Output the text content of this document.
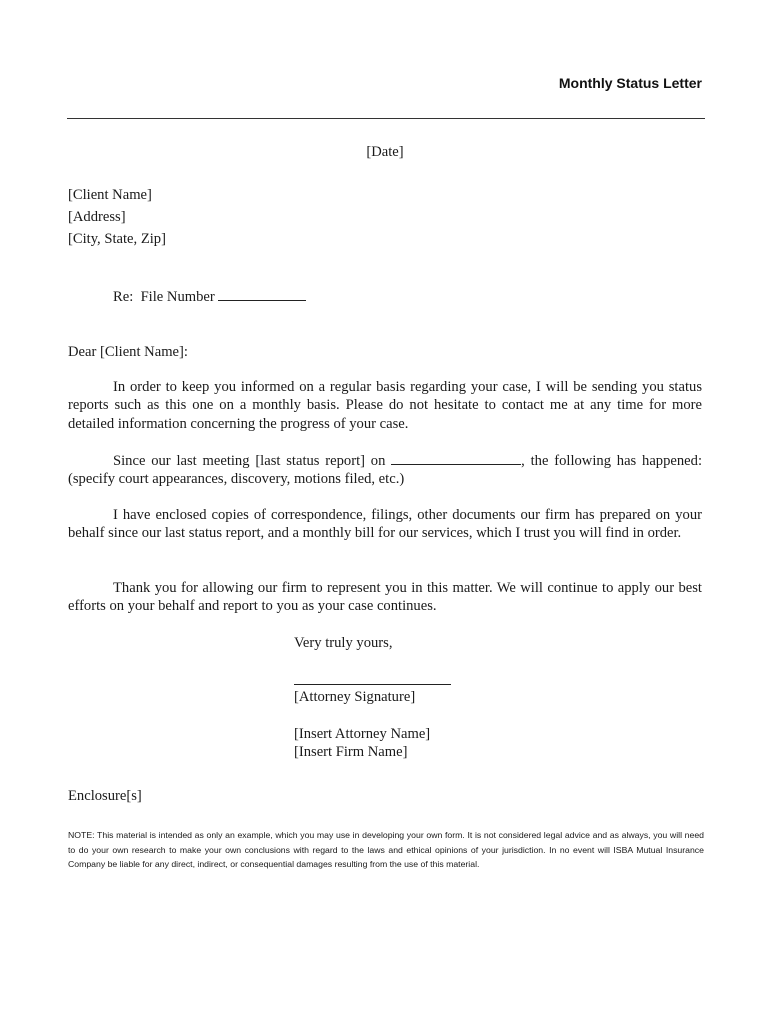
Monthly Status Letter
[Date]
[Client Name]
[Address]
[City, State, Zip]
Re:  File Number
Dear [Client Name]:
In order to keep you informed on a regular basis regarding your case, I will be sending you status reports such as this one on a monthly basis. Please do not hesitate to contact me at any time for more detailed information concerning the progress of your case.
Since our last meeting [last status report] on	, the following has happened: (specify court appearances, discovery, motions filed, etc.)
I have enclosed copies of correspondence, filings, other documents our firm has prepared on your behalf since our last status report, and a monthly bill for our services, which I trust you will find in order.
Thank you for allowing our firm to represent you in this matter. We will continue to apply our best efforts on your behalf and report to you as your case continues.
Very truly yours,
[Attorney Signature]
[Insert Attorney Name]
[Insert Firm Name]
Enclosure[s]
NOTE: This material is intended as only an example, which you may use in developing your own form. It is not considered legal advice and as always, you will need to do your own research to make your own conclusions with regard to the laws and ethical opinions of your jurisdiction. In no event will ISBA Mutual Insurance Company be liable for any direct, indirect, or consequential damages resulting from the use of this material.
